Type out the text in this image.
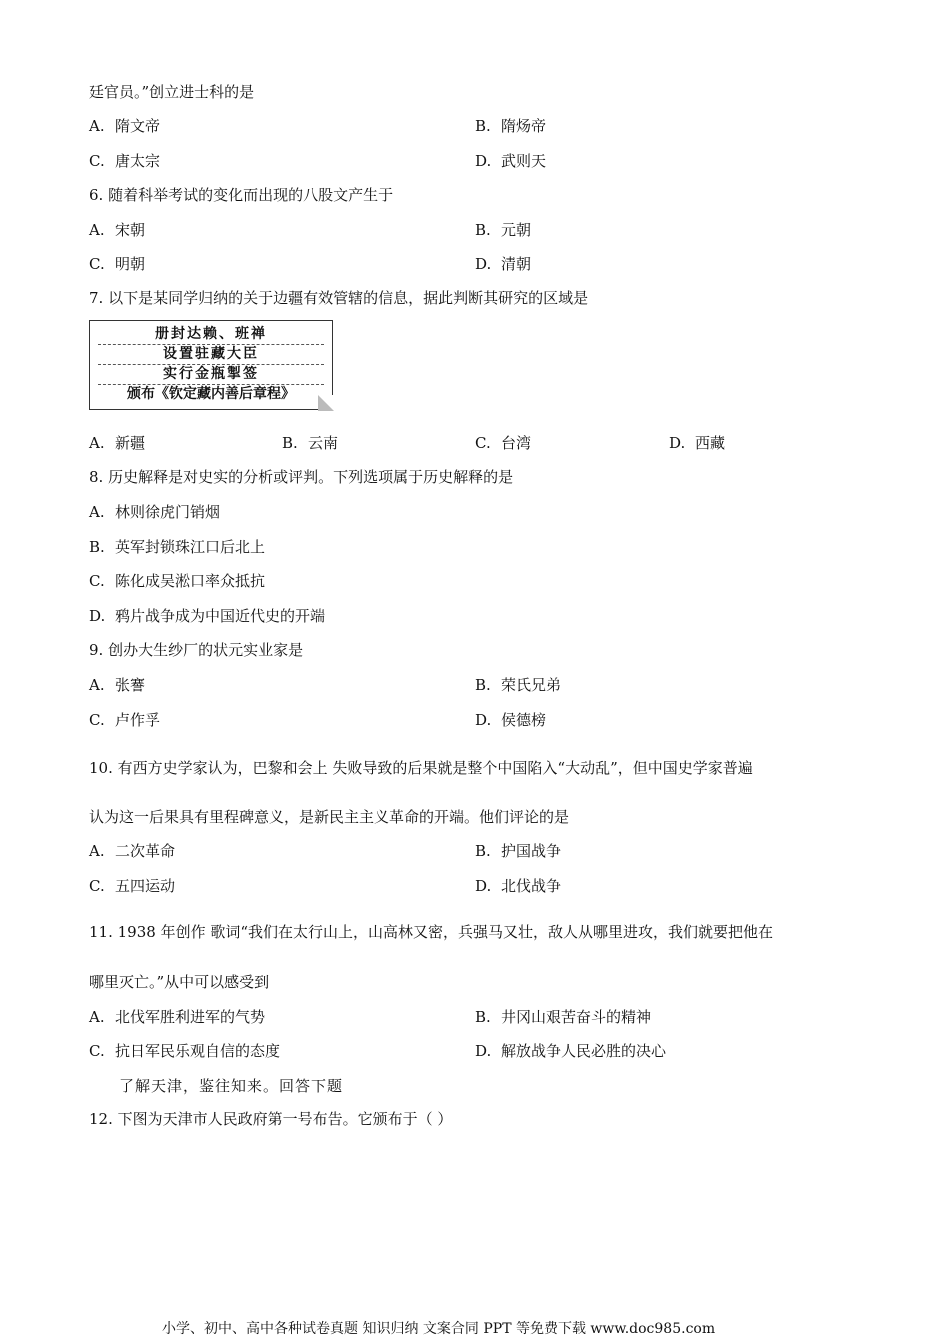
廷官员。”创立进士科的是
A. 隋文帝	B. 隋炀帝
C. 唐太宗	D. 武则天
6. 随着科举考试的变化而出现的八股文产生于
A. 宋朝	B. 元朝
C. 明朝	D. 清朝
7. 以下是某同学归纳的关于边疆有效管辖的信息，据此判断其研究的区域是
册封达赖、班禅
设置驻藏大臣
实行金瓶掣签
颁布《钦定藏内善后章程》
A. 新疆	B. 云南	C. 台湾	D. 西藏
8. 历史解释是对史实的分析或评判。下列选项属于历史解释的是
A. 林则徐虎门销烟
B. 英军封锁珠江口后北上
C. 陈化成吴淞口率众抵抗
D. 鸦片战争成为中国近代史的开端
9. 创办大生纱厂的状元实业家是
A. 张謇	B. 荣氏兄弟
C. 卢作孚	D. 侯德榜
10. 有西方史学家认为，巴黎和会上 失败导致的后果就是整个中国陷入“大动乱”，但中国史学家普遍
认为这一后果具有里程碑意义，是新民主主义革命的开端。他们评论的是
A. 二次革命	B. 护国战争
C. 五四运动	D. 北伐战争
11. 1938 年创作 歌词“我们在太行山上，山高林又密，兵强马又壮，敌人从哪里进攻，我们就要把他在
哪里灭亡。”从中可以感受到
A. 北伐军胜利进军的气势	B. 井冈山艰苦奋斗的精神
C. 抗日军民乐观自信的态度	D. 解放战争人民必胜的决心
了解天津，鉴往知来。回答下题
12. 下图为天津市人民政府第一号布告。它颁布于（ ）
小学、初中、高中各种试卷真题 知识归纳 文案合同 PPT 等免费下载 www.doc985.com
